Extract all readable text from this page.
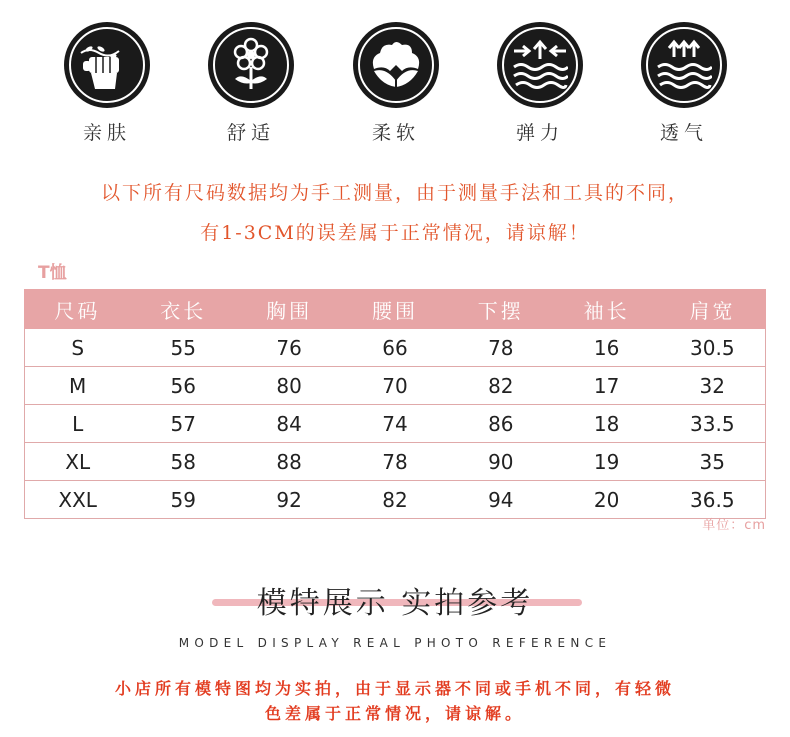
亲肤	舒适	柔软	弹力	透气
以下所有尺码数据均为手工测量，由于测量手法和工具的不同，
有1-3CM的误差属于正常情况，请谅解！
T恤
尺码	衣长	胸围	腰围	下摆	袖长	肩宽
S	55	76	66	78	16	30.5
M	56	80	70	82	17	32
L	57	84	74	86	18	33.5
XL	58	88	78	90	19	35
XXL	59	92	82	94	20	36.5
单位：cm
模特展示 实拍参考
MODEL DISPLAY REAL PHOTO REFERENCE
小店所有模特图均为实拍，由于显示器不同或手机不同，有轻微
色差属于正常情况，请谅解。
